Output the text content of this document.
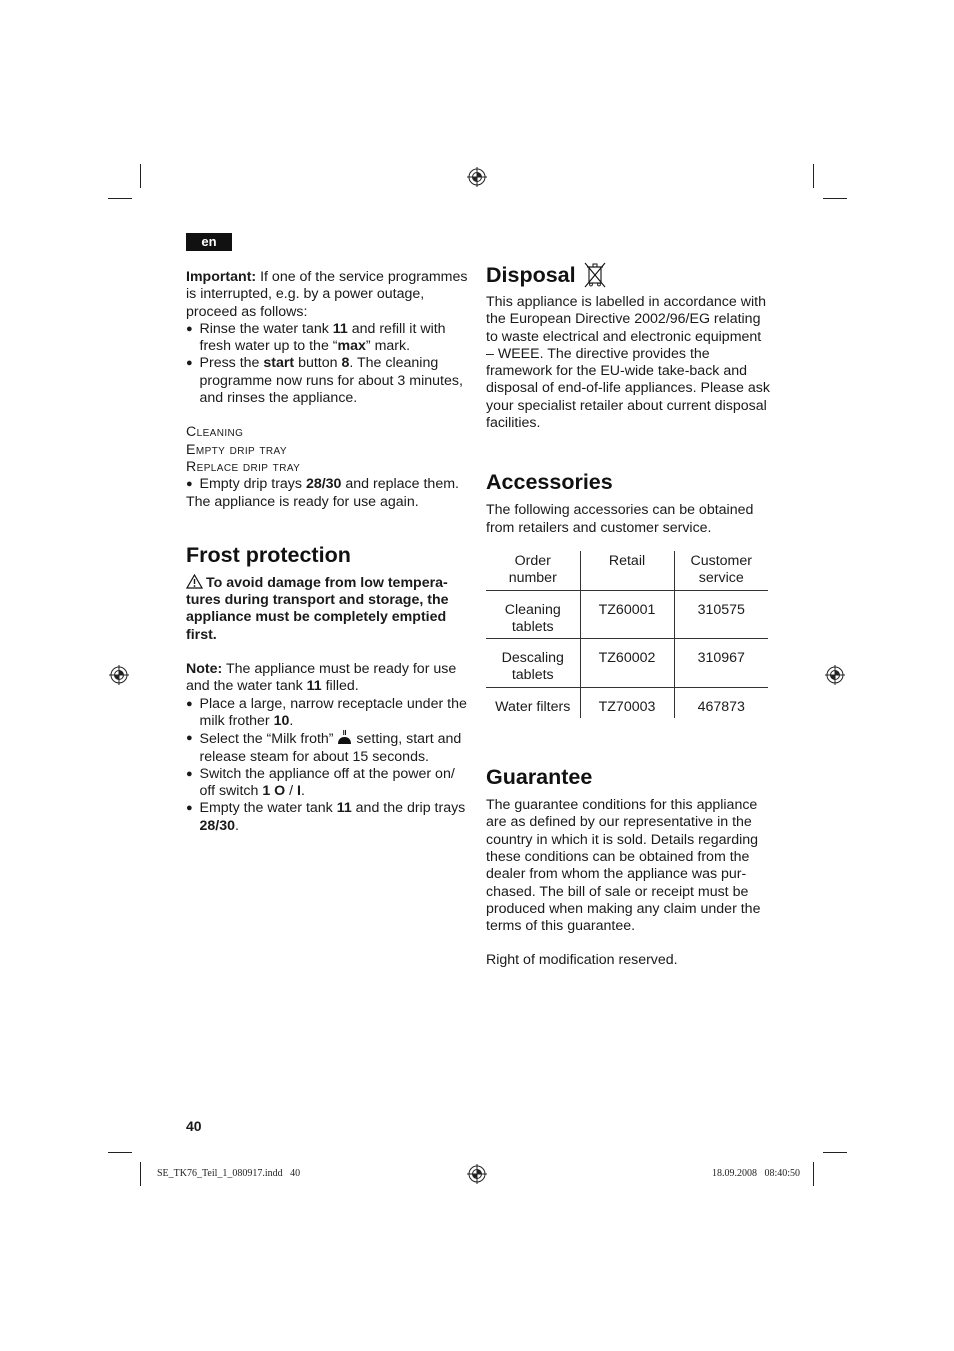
en

Important: If one of the service programmes is interrupted, e.g. by a power outage, proceed as follows:

● Rinse the water tank 11 and refill it with fresh water up to the “max” mark.
● Press the start button 8. The cleaning programme now runs for about 3 minutes, and rinses the appliance.

Cleaning

Empty drip tray

Replace drip tray

● Empty drip trays 28/30 and replace them.

The appliance is ready for use again.

Frost protection

To avoid damage from low tempera-tures during transport and storage, the appliance must be completely emptied first.

Note: The appliance must be ready for use and the water tank 11 filled.

● Place a large, narrow receptacle under the milk frother 10.
● Select the “Milk froth”  setting, start and release steam for about 15 seconds.
● Switch the appliance off at the power on/ off switch 1 O / I.
● Empty the water tank 11 and the drip trays 28/30.
Disposal

This appliance is labelled in accordance with the European Directive 2002/96/EG relating to waste electrical and electronic equipment – WEEE. The directive provides the framework for the EU-wide take-back and disposal of end-of-life appliances. Please ask your specialist retailer about current disposal facilities.

Accessories

The following accessories can be obtained from retailers and customer service.

Order number	Retail	Customer service
Cleaning tablets	TZ60001	310575
Descaling tablets	TZ60002	310967
Water filters	TZ70003	467873
Guarantee

The guarantee conditions for this appliance are as defined by our representative in the country in which it is sold. Details regarding these conditions can be obtained from the dealer from whom the appliance was pur-chased. The bill of sale or receipt must be produced when making any claim under the terms of this guarantee.

Right of modification reserved.

40
SE_TK76_Teil_1_080917.indd   40	18.09.2008   08:40:50
